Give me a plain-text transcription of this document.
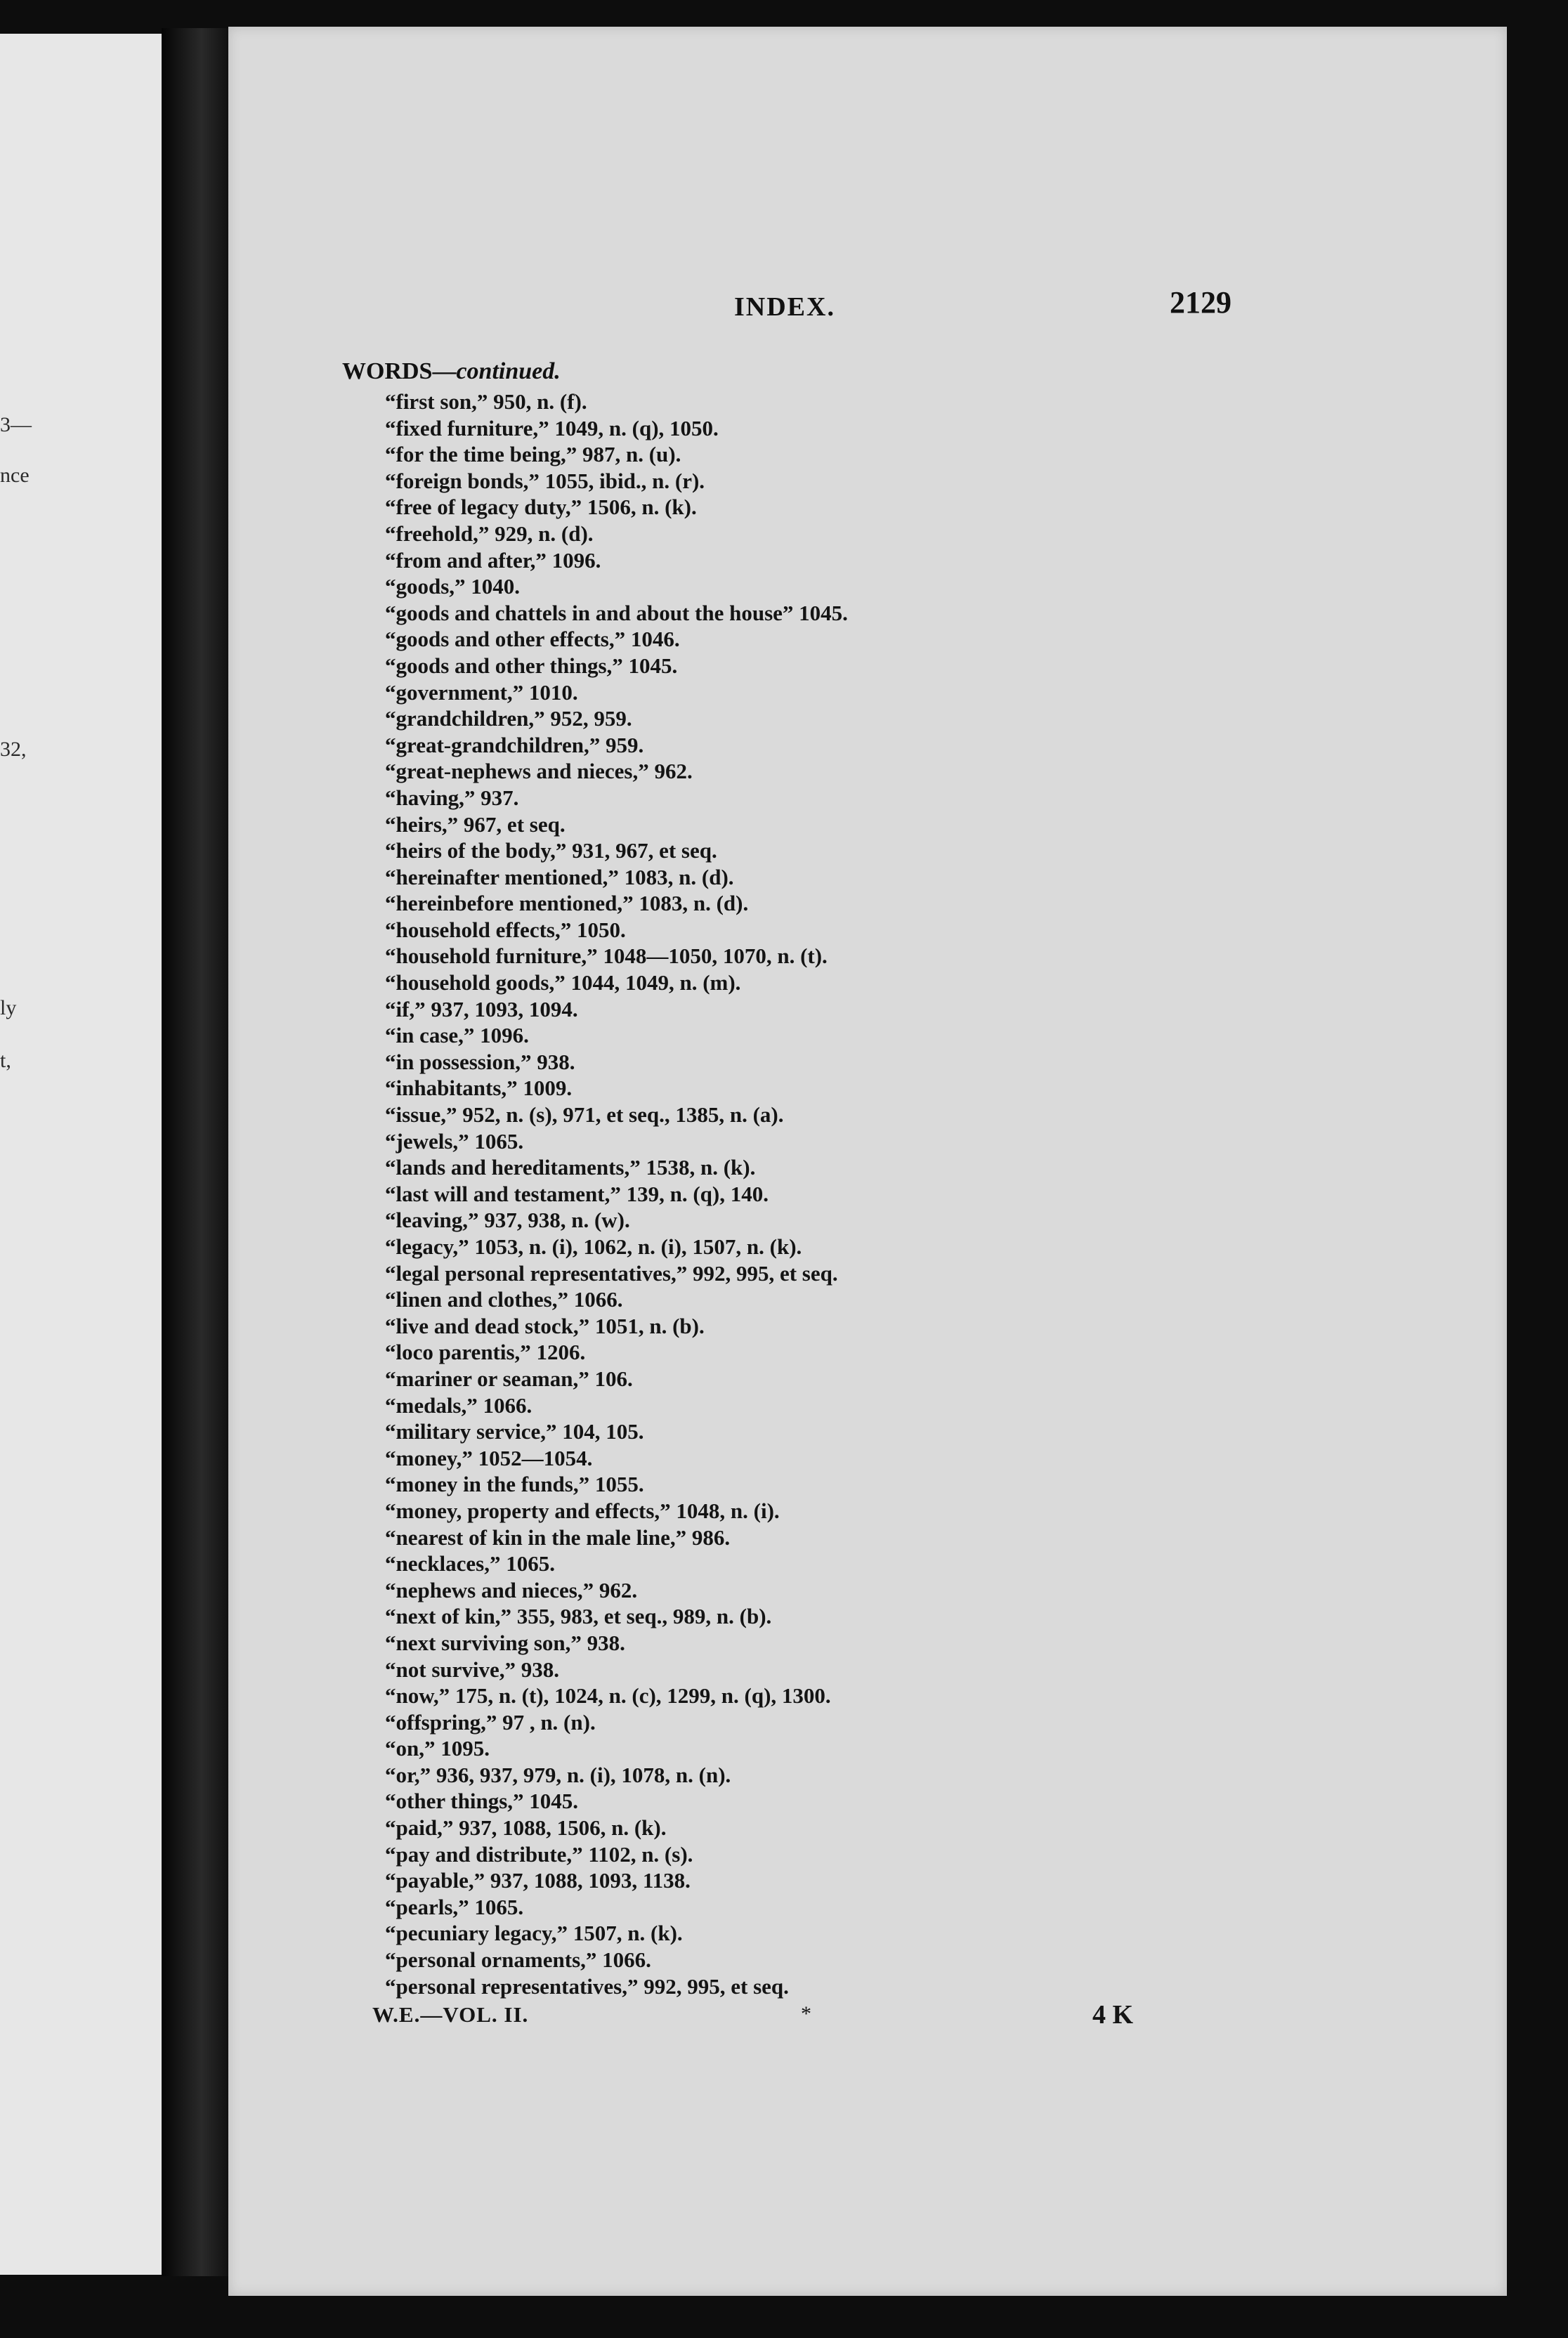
3—
nce
32,
ly
t,
INDEX.	2129
WORDS—continued.
“first son,” 950, n. (f).
“fixed furniture,” 1049, n. (q), 1050.
“for the time being,” 987, n. (u).
“foreign bonds,” 1055, ibid., n. (r).
“free of legacy duty,” 1506, n. (k).
“freehold,” 929, n. (d).
“from and after,” 1096.
“goods,” 1040.
“goods and chattels in and about the house” 1045.
“goods and other effects,” 1046.
“goods and other things,” 1045.
“government,” 1010.
“grandchildren,” 952, 959.
“great-grandchildren,” 959.
“great-nephews and nieces,” 962.
“having,” 937.
“heirs,” 967, et seq.
“heirs of the body,” 931, 967, et seq.
“hereinafter mentioned,” 1083, n. (d).
“hereinbefore mentioned,” 1083, n. (d).
“household effects,” 1050.
“household furniture,” 1048—1050, 1070, n. (t).
“household goods,” 1044, 1049, n. (m).
“if,” 937, 1093, 1094.
“in case,” 1096.
“in possession,” 938.
“inhabitants,” 1009.
“issue,” 952, n. (s), 971, et seq., 1385, n. (a).
“jewels,” 1065.
“lands and hereditaments,” 1538, n. (k).
“last will and testament,” 139, n. (q), 140.
“leaving,” 937, 938, n. (w).
“legacy,” 1053, n. (i), 1062, n. (i), 1507, n. (k).
“legal personal representatives,” 992, 995, et seq.
“linen and clothes,” 1066.
“live and dead stock,” 1051, n. (b).
“loco parentis,” 1206.
“mariner or seaman,” 106.
“medals,” 1066.
“military service,” 104, 105.
“money,” 1052—1054.
“money in the funds,” 1055.
“money, property and effects,” 1048, n. (i).
“nearest of kin in the male line,” 986.
“necklaces,” 1065.
“nephews and nieces,” 962.
“next of kin,” 355, 983, et seq., 989, n. (b).
“next surviving son,” 938.
“not survive,” 938.
“now,” 175, n. (t), 1024, n. (c), 1299, n. (q), 1300.
“offspring,” 97 , n. (n).
“on,” 1095.
“or,” 936, 937, 979, n. (i), 1078, n. (n).
“other things,” 1045.
“paid,” 937, 1088, 1506, n. (k).
“pay and distribute,” 1102, n. (s).
“payable,” 937, 1088, 1093, 1138.
“pearls,” 1065.
“pecuniary legacy,” 1507, n. (k).
“personal ornaments,” 1066.
“personal representatives,” 992, 995, et seq.
W.E.—VOL. II.	*	4 K
